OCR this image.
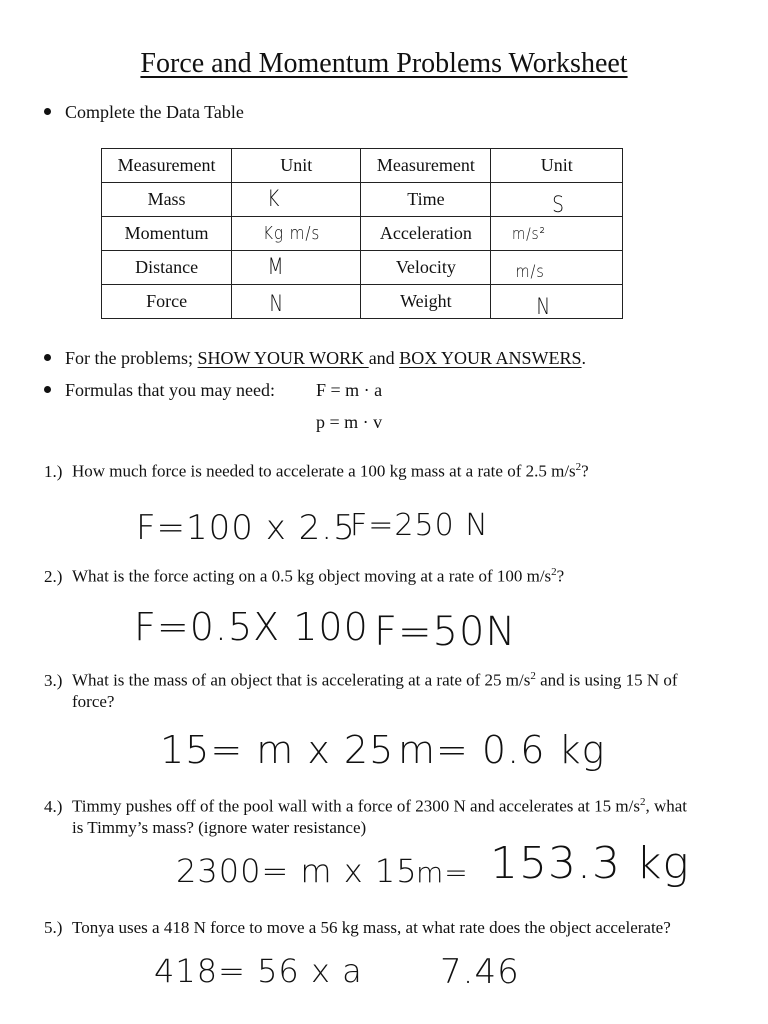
Force and Momentum Problems Worksheet
Complete the Data Table
Measurement	Unit	Measurement	Unit
Mass	K	Time	S
Momentum	Kg m/s	Acceleration	m/s²
Distance	M	Velocity	m/s
Force	N	Weight	N
For the problems; SHOW YOUR WORK and BOX YOUR ANSWERS.
Formulas that you may need: F = m · a
p = m · v
1.) How much force is needed to accelerate a 100 kg mass at a rate of 2.5 $m/s^2$?
F=100 x 2.5
F=250 N
2.) What is the force acting on a 0.5 kg object moving at a rate of 100 $m/s^2$?
F=0.5X 100 F=50N
3.) What is the mass of an object that is accelerating at a rate of 25 $m/s^2$ and is using 15 N of
force?
15= m x 25 m= 0.6 kg
4.) Timmy pushes off of the pool wall with a force of 2300 N and accelerates at 15 $m/s^2$, what
is Timmy’s mass? (ignore water resistance)
2300= m x 15
m= 153.3 kg
5.) Tonya uses a 418 N force to move a 56 kg mass, at what rate does the object accelerate?
418= 56 x a 7.46
